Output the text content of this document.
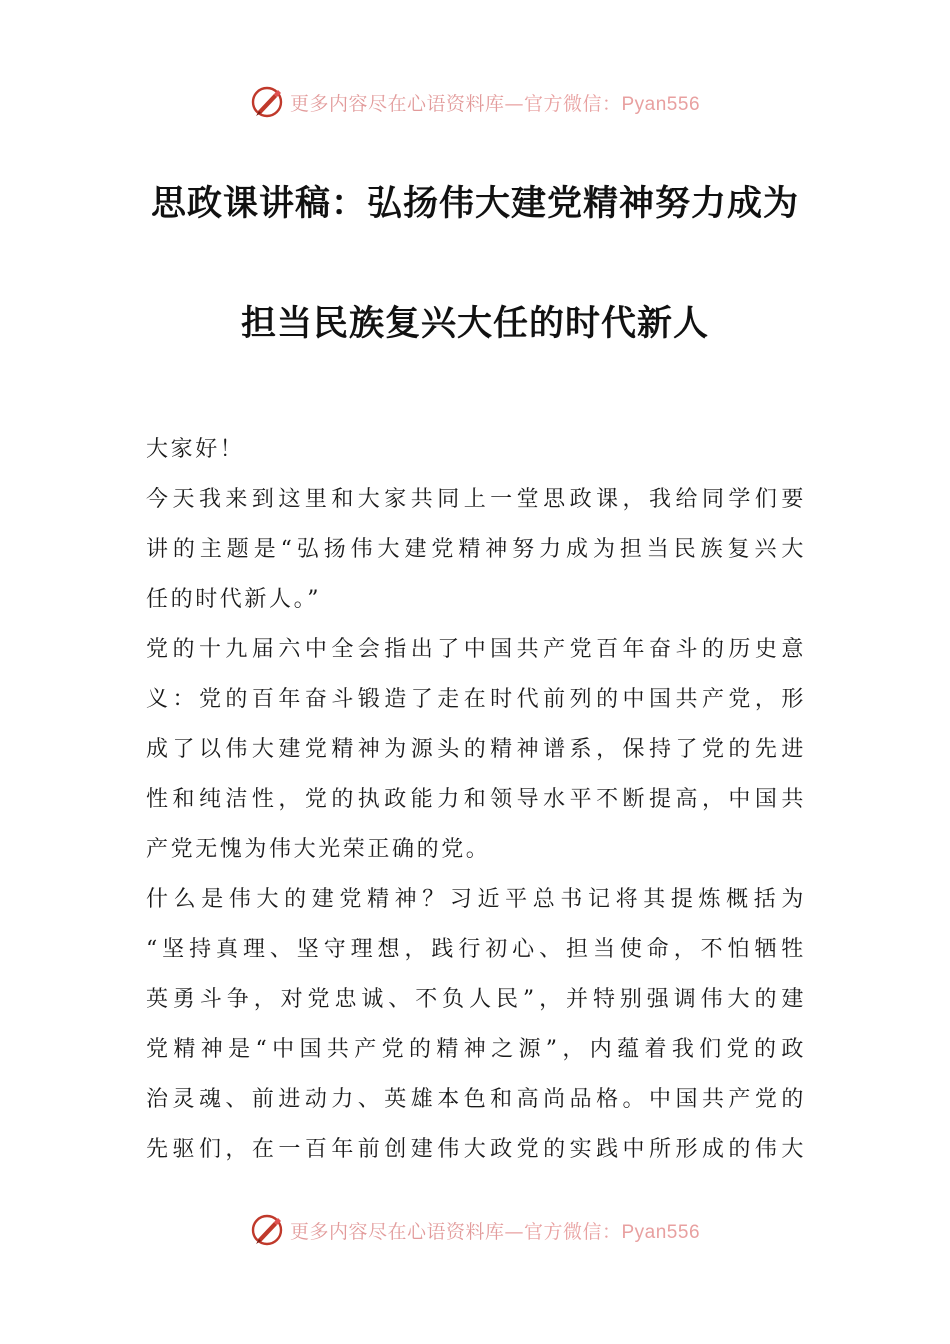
更多内容尽在心语资料库—官方微信：Pyan556
思政课讲稿：弘扬伟大建党精神努力成为
担当民族复兴大任的时代新人
大家好！
今天我来到这里和大家共同上一堂思政课，我给同学们要
讲的主题是“弘扬伟大建党精神努力成为担当民族复兴大
任的时代新人。”
党的十九届六中全会指出了中国共产党百年奋斗的历史意
义：党的百年奋斗锻造了走在时代前列的中国共产党，形
成了以伟大建党精神为源头的精神谱系，保持了党的先进
性和纯洁性，党的执政能力和领导水平不断提高，中国共
产党无愧为伟大光荣正确的党。
什么是伟大的建党精神？习近平总书记将其提炼概括为
“坚持真理、坚守理想，践行初心、担当使命，不怕牺牲
英勇斗争，对党忠诚、不负人民”，并特别强调伟大的建
党精神是“中国共产党的精神之源”，内蕴着我们党的政
治灵魂、前进动力、英雄本色和高尚品格。中国共产党的
先驱们，在一百年前创建伟大政党的实践中所形成的伟大
更多内容尽在心语资料库—官方微信：Pyan556
